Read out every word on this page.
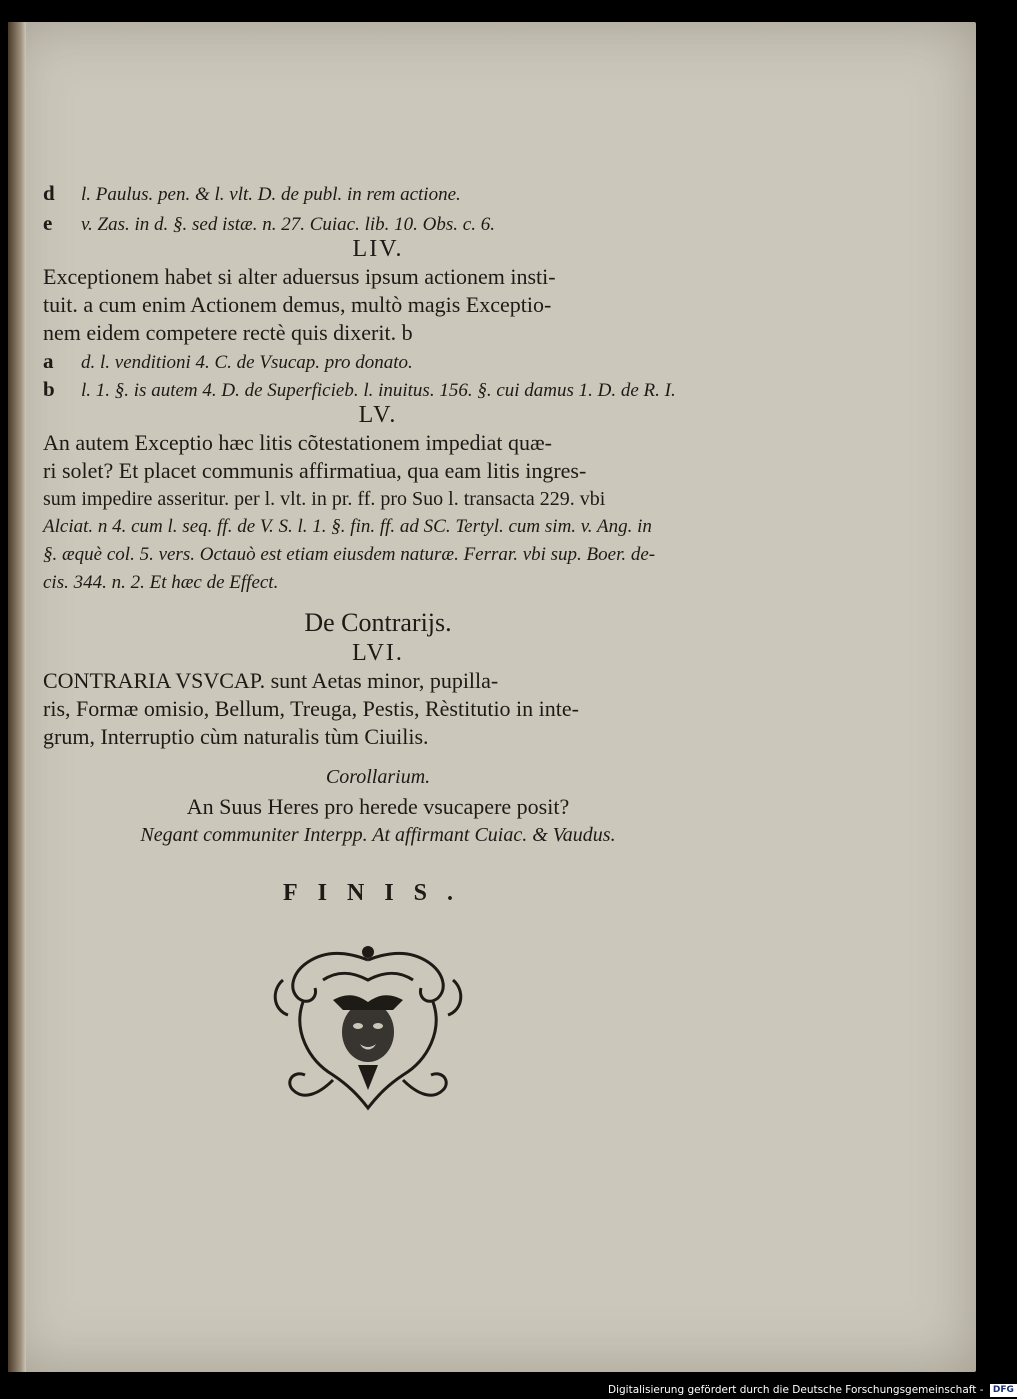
d l. Paulus. pen. & l. vlt. D. de publ. in rem actione.
e v. Zas. in d. §. sed istæ. n. 27. Cuiac. lib. 10. Obs. c. 6.
LIV.
Exceptionem habet si alter aduersus ipsum actionem insti-
tuit. a cum enim Actionem demus, multò magis Exceptio-
nem eidem competere rectè quis dixerit. b
a d. l. venditioni 4. C. de Vsucap. pro donato.
b l. 1. §. is autem 4. D. de Superficieb. l. inuitus. 156. §. cui damus 1. D. de R. I.
LV.
An autem Exceptio hæc litis cõtestationem impediat quæ-
ri solet? Et placet communis affirmatiua, qua eam litis ingres-
sum impedire asseritur. per l. vlt. in pr. ff. pro Suo l. transacta 229. vbi
Alciat. n 4. cum l. seq. ff. de V. S. l. 1. §. fin. ff. ad SC. Tertyl. cum sim. v. Ang. in
§. æquè col. 5. vers. Octauò est etiam eiusdem naturæ. Ferrar. vbi sup. Boer. de-
cis. 344. n. 2. Et hæc de Effect.
De Contrarijs.
LVI.
CONTRARIA VSVCAP. sunt Aetas minor, pupilla-
ris, Formæ omisio, Bellum, Treuga, Pestis, Rèstitutio in inte-
grum, Interruptio cùm naturalis tùm Ciuilis.
Corollarium.
An Suus Heres pro herede vsucapere posit?
Negant communiter Interpp. At affirmant Cuiac. & Vaudus.
FINIS.
Digitalisierung gefördert durch die Deutsche Forschungsgemeinschaft - DFG
